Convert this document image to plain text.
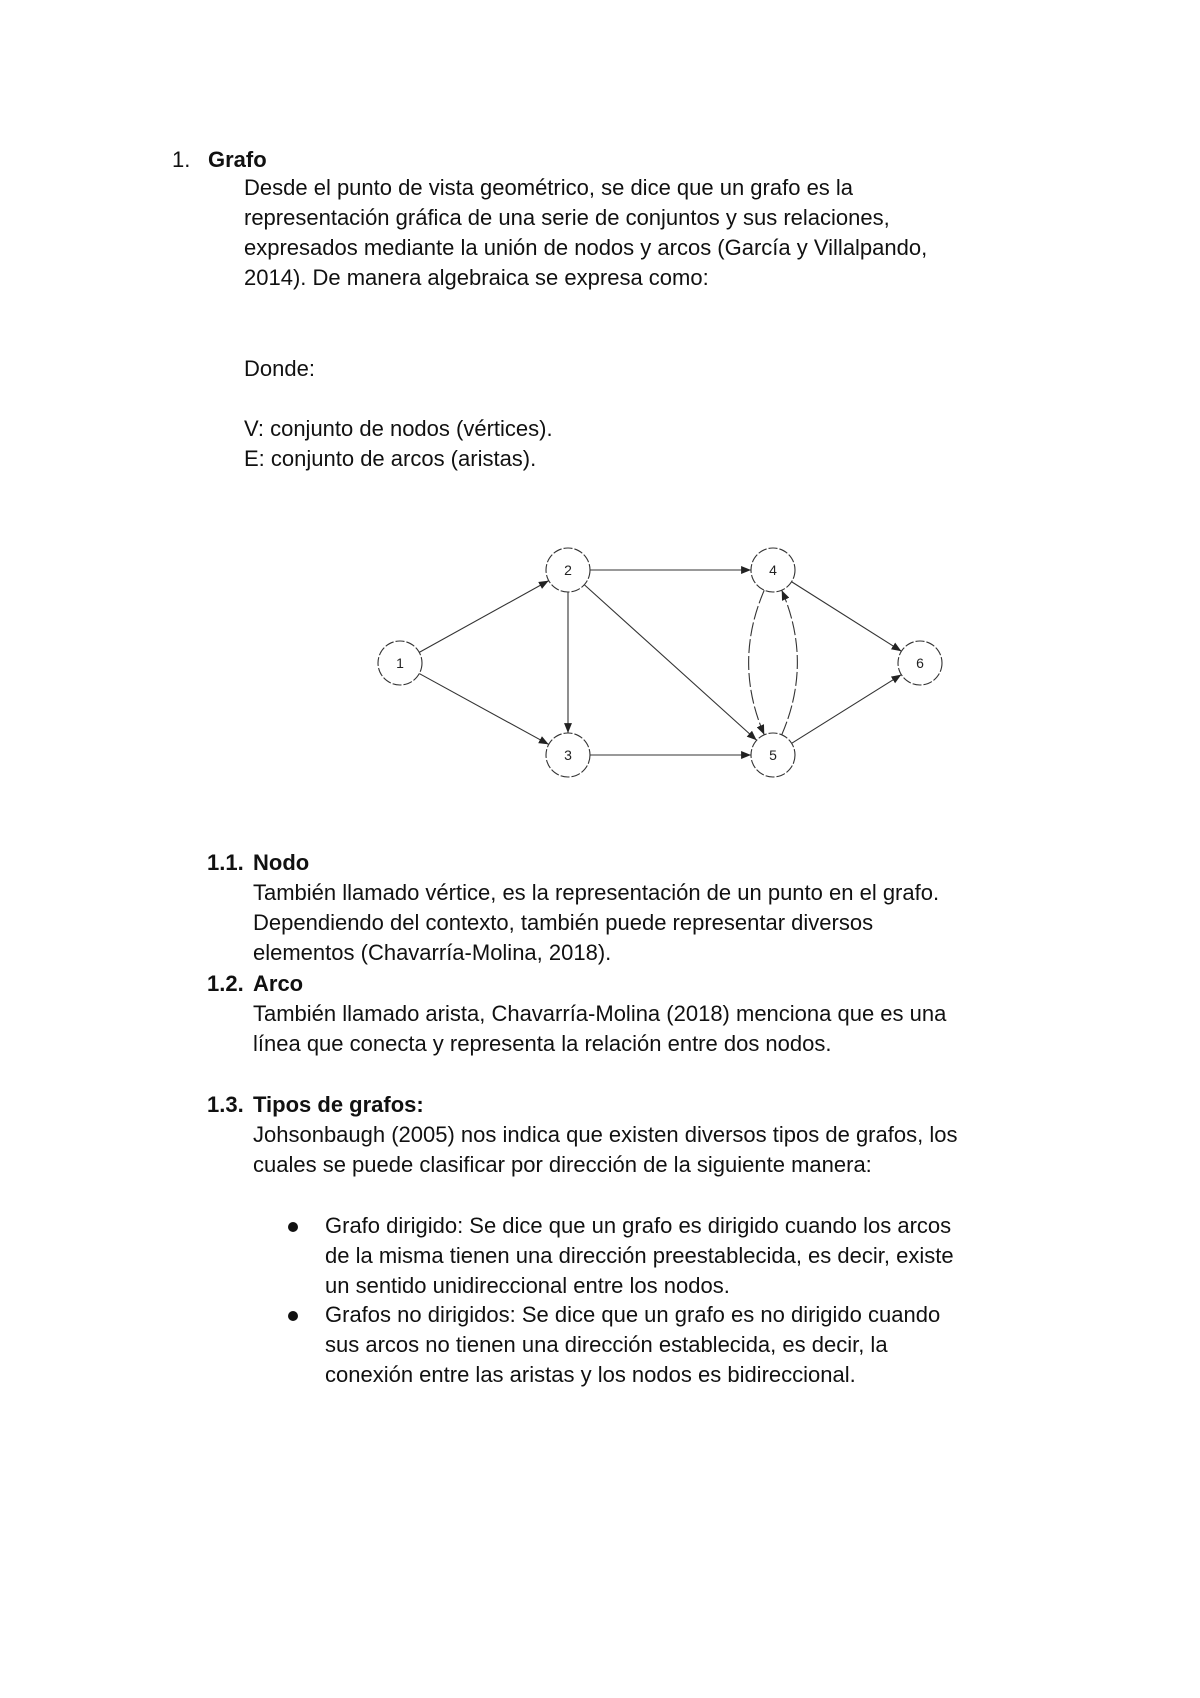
1. Grafo
Desde el punto de vista geométrico, se dice que un grafo es la
representación gráfica de una serie de conjuntos y sus relaciones,
expresados mediante la unión de nodos y arcos (García y Villalpando,
2014). De manera algebraica se expresa como:
Donde:
V: conjunto de nodos (vértices).
E: conjunto de arcos (aristas).
1
2
3
4
5
6
1.1. Nodo
También llamado vértice, es la representación de un punto en el grafo.
Dependiendo del contexto, también puede representar diversos
elementos (Chavarría-Molina, 2018).
1.2. Arco
También llamado arista, Chavarría-Molina (2018) menciona que es una
línea que conecta y representa la relación entre dos nodos.
1.3. Tipos de grafos:
Johsonbaugh (2005) nos indica que existen diversos tipos de grafos, los
cuales se puede clasificar por dirección de la siguiente manera:
Grafo dirigido: Se dice que un grafo es dirigido cuando los arcos
de la misma tienen una dirección preestablecida, es decir, existe
un sentido unidireccional entre los nodos.
Grafos no dirigidos: Se dice que un grafo es no dirigido cuando
sus arcos no tienen una dirección establecida, es decir, la
conexión entre las aristas y los nodos es bidireccional.
